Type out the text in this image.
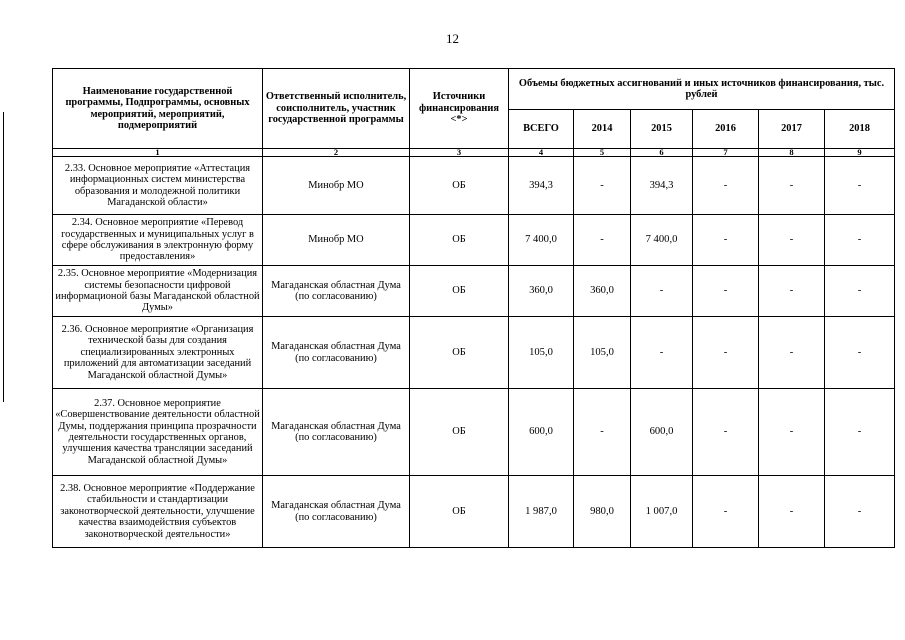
12
Наименование государственной программы, Подпрограммы, основных мероприятий, мероприятий, подмероприятий	Ответственный исполнитель, соисполнитель, участник государственной программы	Источники финансирования <*>	Объемы бюджетных ассигнований и иных источников финансирования, тыс. рублей					
			ВСЕГО	2014	2015	2016	2017	2018
1	2	3	4	5	6	7	8	9
2.33. Основное мероприятие «Аттестация информационных систем министерства образования и молодежной политики Магаданской области»	Минобр МО	ОБ	394,3	-	394,3	-	-	-
2.34. Основное мероприятие «Перевод государственных и муниципальных услуг в сфере обслуживания в электронную форму предоставления»	Минобр МО	ОБ	7 400,0	-	7 400,0	-	-	-
2.35. Основное мероприятие «Модернизация системы безопасности цифровой информационой базы Магаданской областной Думы»	Магаданская областная Дума (по согласованию)	ОБ	360,0	360,0	-	-	-	-
2.36. Основное мероприятие «Организация технической базы для создания специализированных электронных приложений для автоматизации заседаний Магаданской областной Думы»	Магаданская областная Дума (по согласованию)	ОБ	105,0	105,0	-	-	-	-
2.37. Основное мероприятие «Совершенствование деятельности областной Думы, поддержания принципа прозрачности деятельности государственных органов, улучшения качества трансляции заседаний Магаданской областной Думы»	Магаданская областная Дума (по согласованию)	ОБ	600,0	-	600,0	-	-	-
2.38. Основное мероприятие «Поддержание стабильности и стандартизации законотворческой деятельности, улучшение качества взаимодействия субъектов законотворческой деятельности»	Магаданская областная Дума (по согласованию)	ОБ	1 987,0	980,0	1 007,0	-	-	-
